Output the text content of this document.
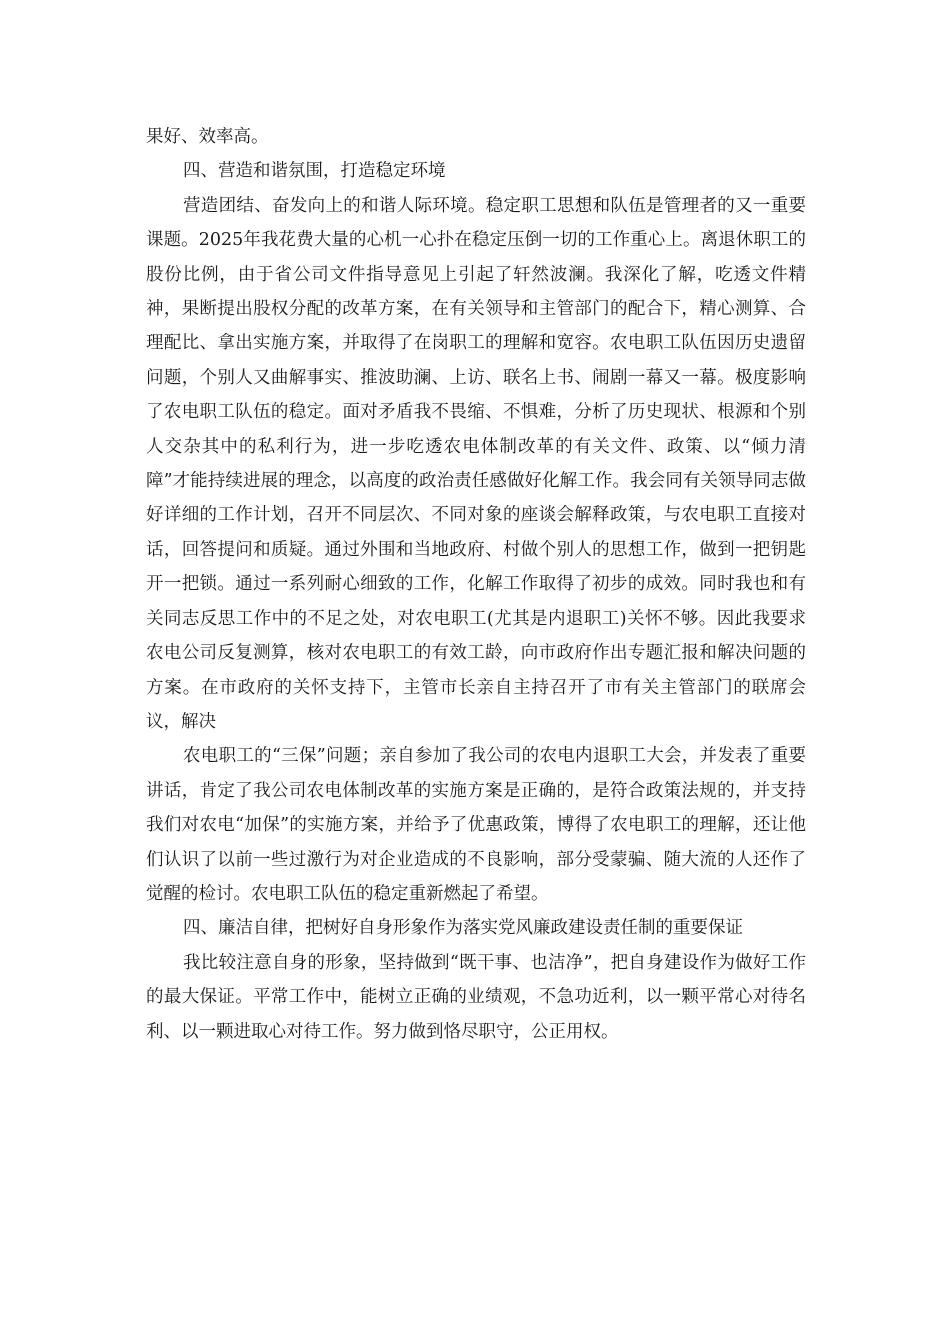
果好、效率高。

四、营造和谐氛围，打造稳定环境

营造团结、奋发向上的和谐人际环境。稳定职工思想和队伍是管理者的又一重要课题。2025年我花费大量的心机一心扑在稳定压倒一切的工作重心上。离退休职工的股份比例，由于省公司文件指导意见上引起了轩然波澜。我深化了解，吃透文件精神，果断提出股权分配的改革方案，在有关领导和主管部门的配合下，精心测算、合理配比、拿出实施方案，并取得了在岗职工的理解和宽容。农电职工队伍因历史遗留问题，个别人又曲解事实、推波助澜、上访、联名上书、闹剧一幕又一幕。极度影响了农电职工队伍的稳定。面对矛盾我不畏缩、不惧难，分析了历史现状、根源和个别人交杂其中的私利行为，进一步吃透农电体制改革的有关文件、政策、以“倾力清障”才能持续进展的理念，以高度的政治责任感做好化解工作。我会同有关领导同志做好详细的工作计划，召开不同层次、不同对象的座谈会解释政策，与农电职工直接对话，回答提问和质疑。通过外围和当地政府、村做个别人的思想工作，做到一把钥匙开一把锁。通过一系列耐心细致的工作，化解工作取得了初步的成效。同时我也和有关同志反思工作中的不足之处，对农电职工(尤其是内退职工)关怀不够。因此我要求农电公司反复测算，核对农电职工的有效工龄，向市政府作出专题汇报和解决问题的方案。在市政府的关怀支持下，主管市长亲自主持召开了市有关主管部门的联席会议，解决

农电职工的“三保”问题；亲自参加了我公司的农电内退职工大会，并发表了重要讲话，肯定了我公司农电体制改革的实施方案是正确的，是符合政策法规的，并支持我们对农电“加保”的实施方案，并给予了优惠政策，博得了农电职工的理解，还让他们认识了以前一些过激行为对企业造成的不良影响，部分受蒙骗、随大流的人还作了觉醒的检讨。农电职工队伍的稳定重新燃起了希望。

四、廉洁自律，把树好自身形象作为落实党风廉政建设责任制的重要保证

我比较注意自身的形象，坚持做到“既干事、也洁净”，把自身建设作为做好工作的最大保证。平常工作中，能树立正确的业绩观，不急功近利，以一颗平常心对待名利、以一颗进取心对待工作。努力做到恪尽职守，公正用权。
